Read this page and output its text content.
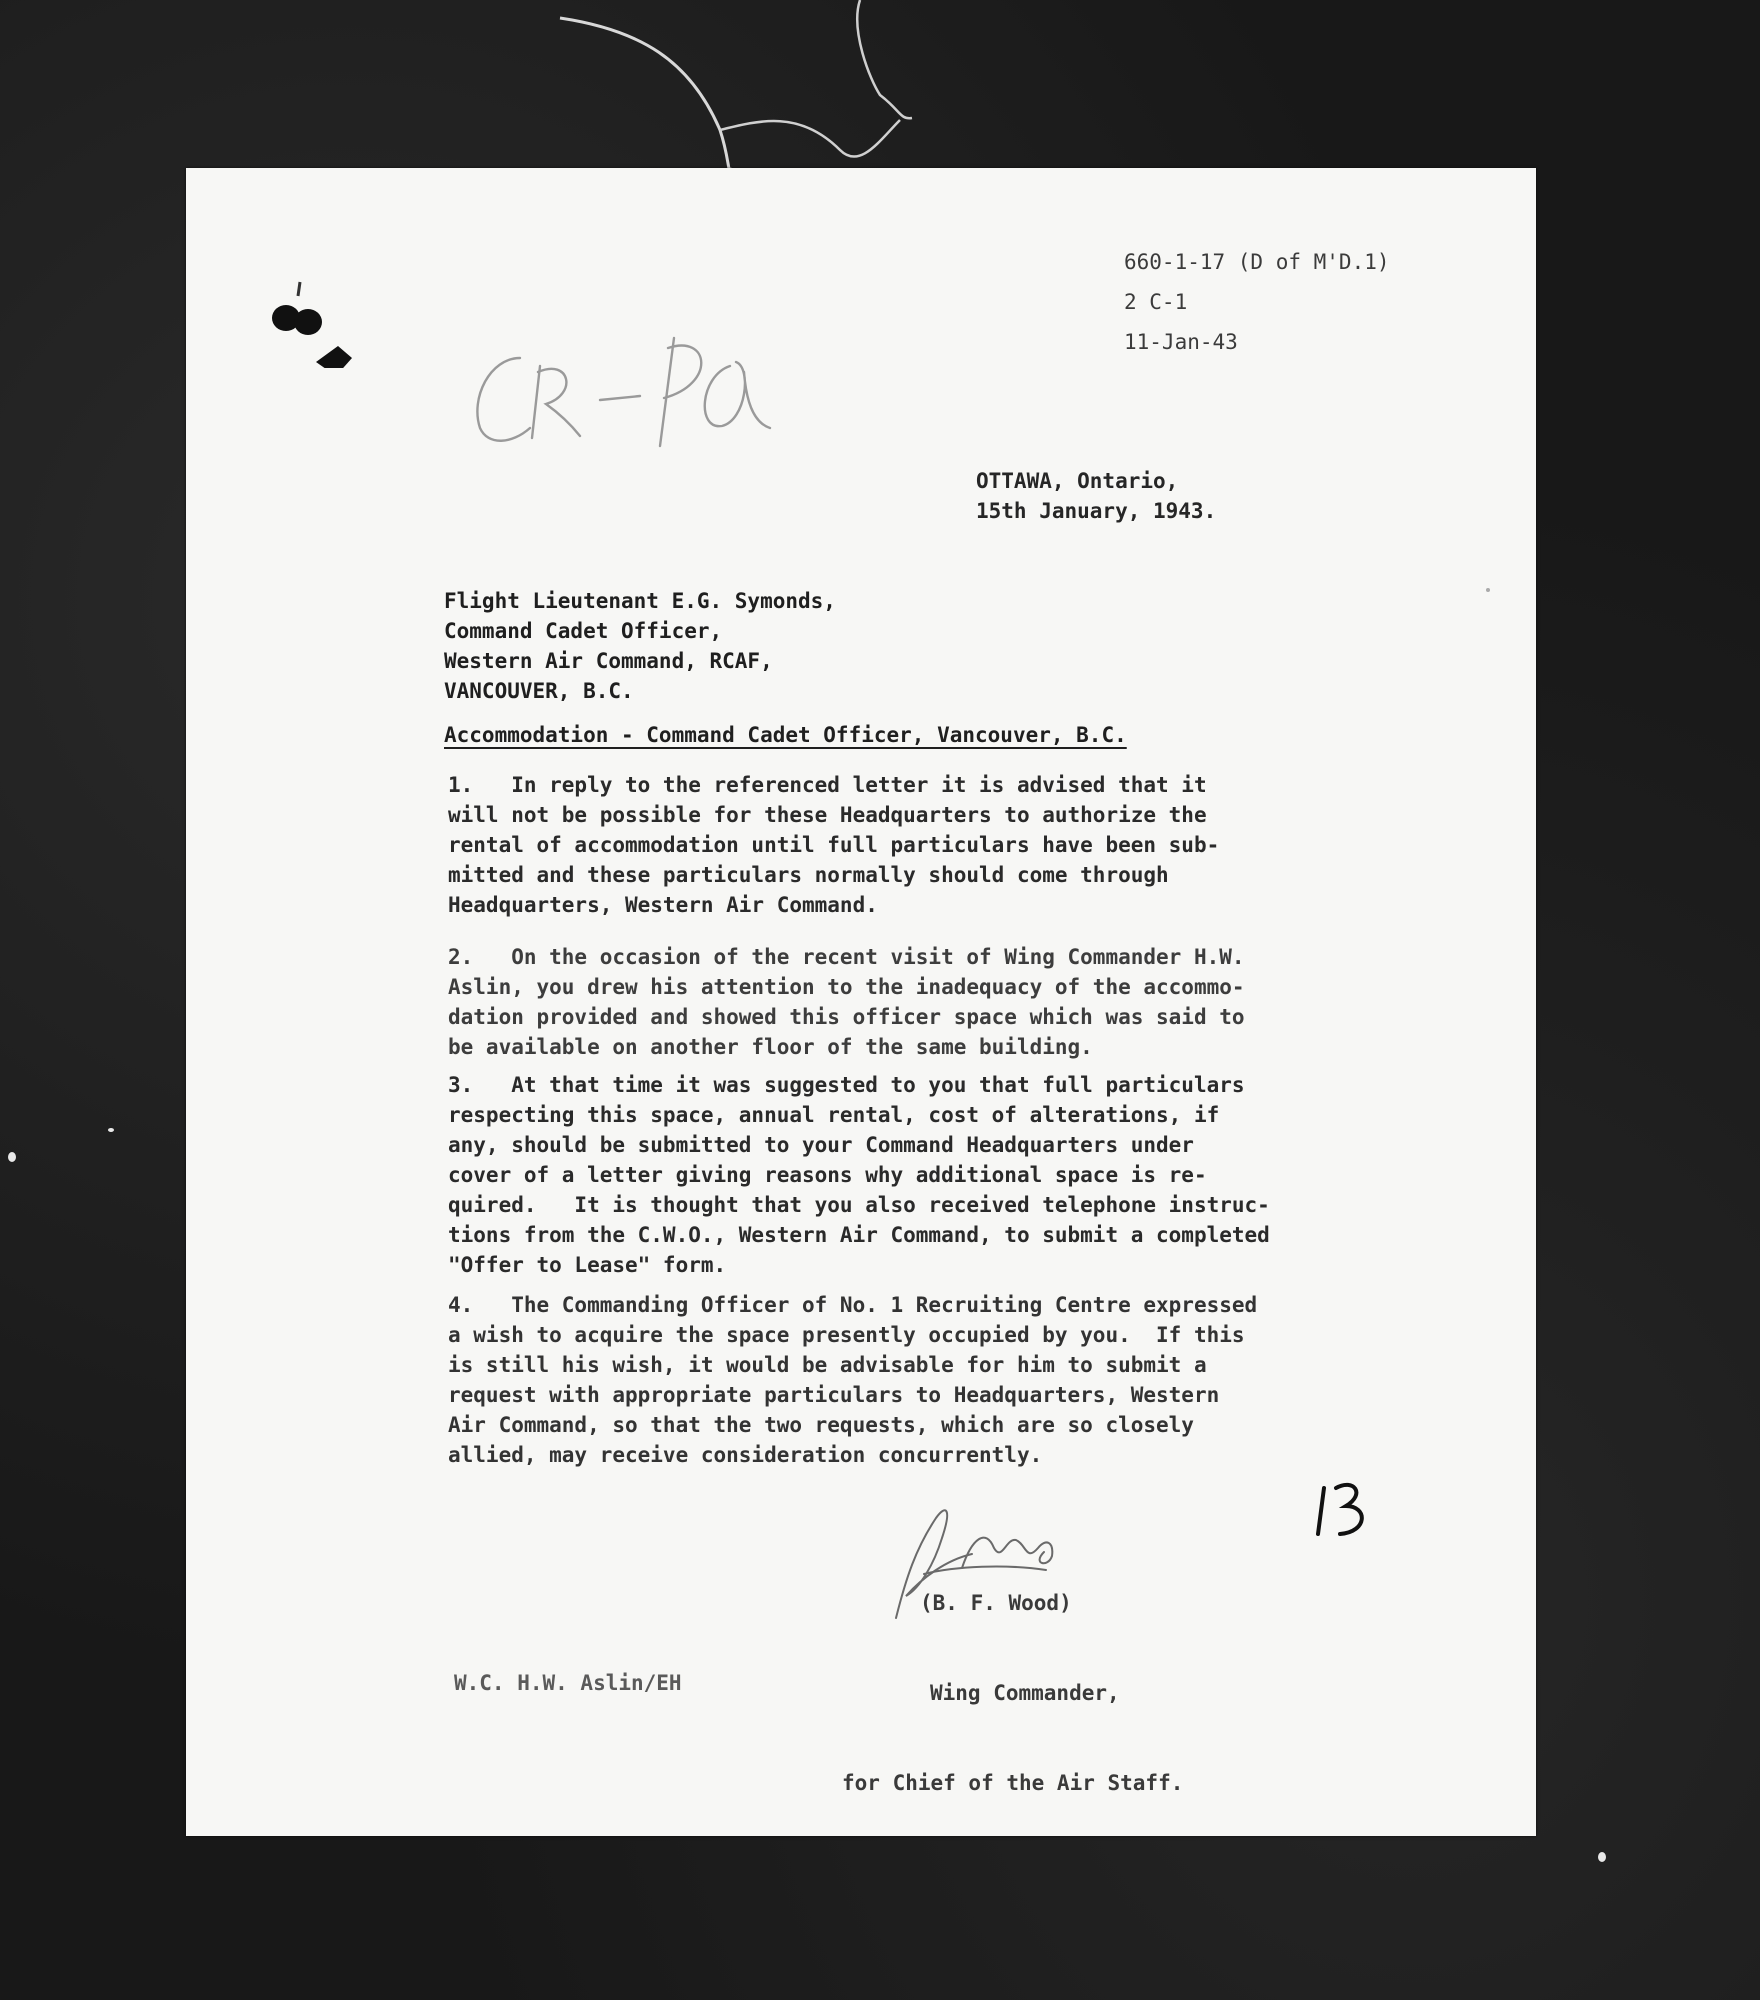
660-1-17 (D of M'D.1)
2 C-1
11-Jan-43
OTTAWA, Ontario,
15th January, 1943.
Flight Lieutenant E.G. Symonds,
Command Cadet Officer,
Western Air Command, RCAF,
VANCOUVER, B.C.
Accommodation - Command Cadet Officer, Vancouver, B.C.
1.   In reply to the referenced letter it is advised that it
will not be possible for these Headquarters to authorize the
rental of accommodation until full particulars have been sub-
mitted and these particulars normally should come through
Headquarters, Western Air Command.
2.   On the occasion of the recent visit of Wing Commander H.W.
Aslin, you drew his attention to the inadequacy of the accommo-
dation provided and showed this officer space which was said to
be available on another floor of the same building.
3.   At that time it was suggested to you that full particulars
respecting this space, annual rental, cost of alterations, if
any, should be submitted to your Command Headquarters under
cover of a letter giving reasons why additional space is re-
quired.   It is thought that you also received telephone instruc-
tions from the C.W.O., Western Air Command, to submit a completed
"Offer to Lease" form.
4.   The Commanding Officer of No. 1 Recruiting Centre expressed
a wish to acquire the space presently occupied by you.  If this
is still his wish, it would be advisable for him to submit a
request with appropriate particulars to Headquarters, Western
Air Command, so that the two requests, which are so closely
allied, may receive consideration concurrently.

(B. F. Wood)

Wing Commander,

for Chief of the Air Staff.

W.C. H.W. Aslin/EH
